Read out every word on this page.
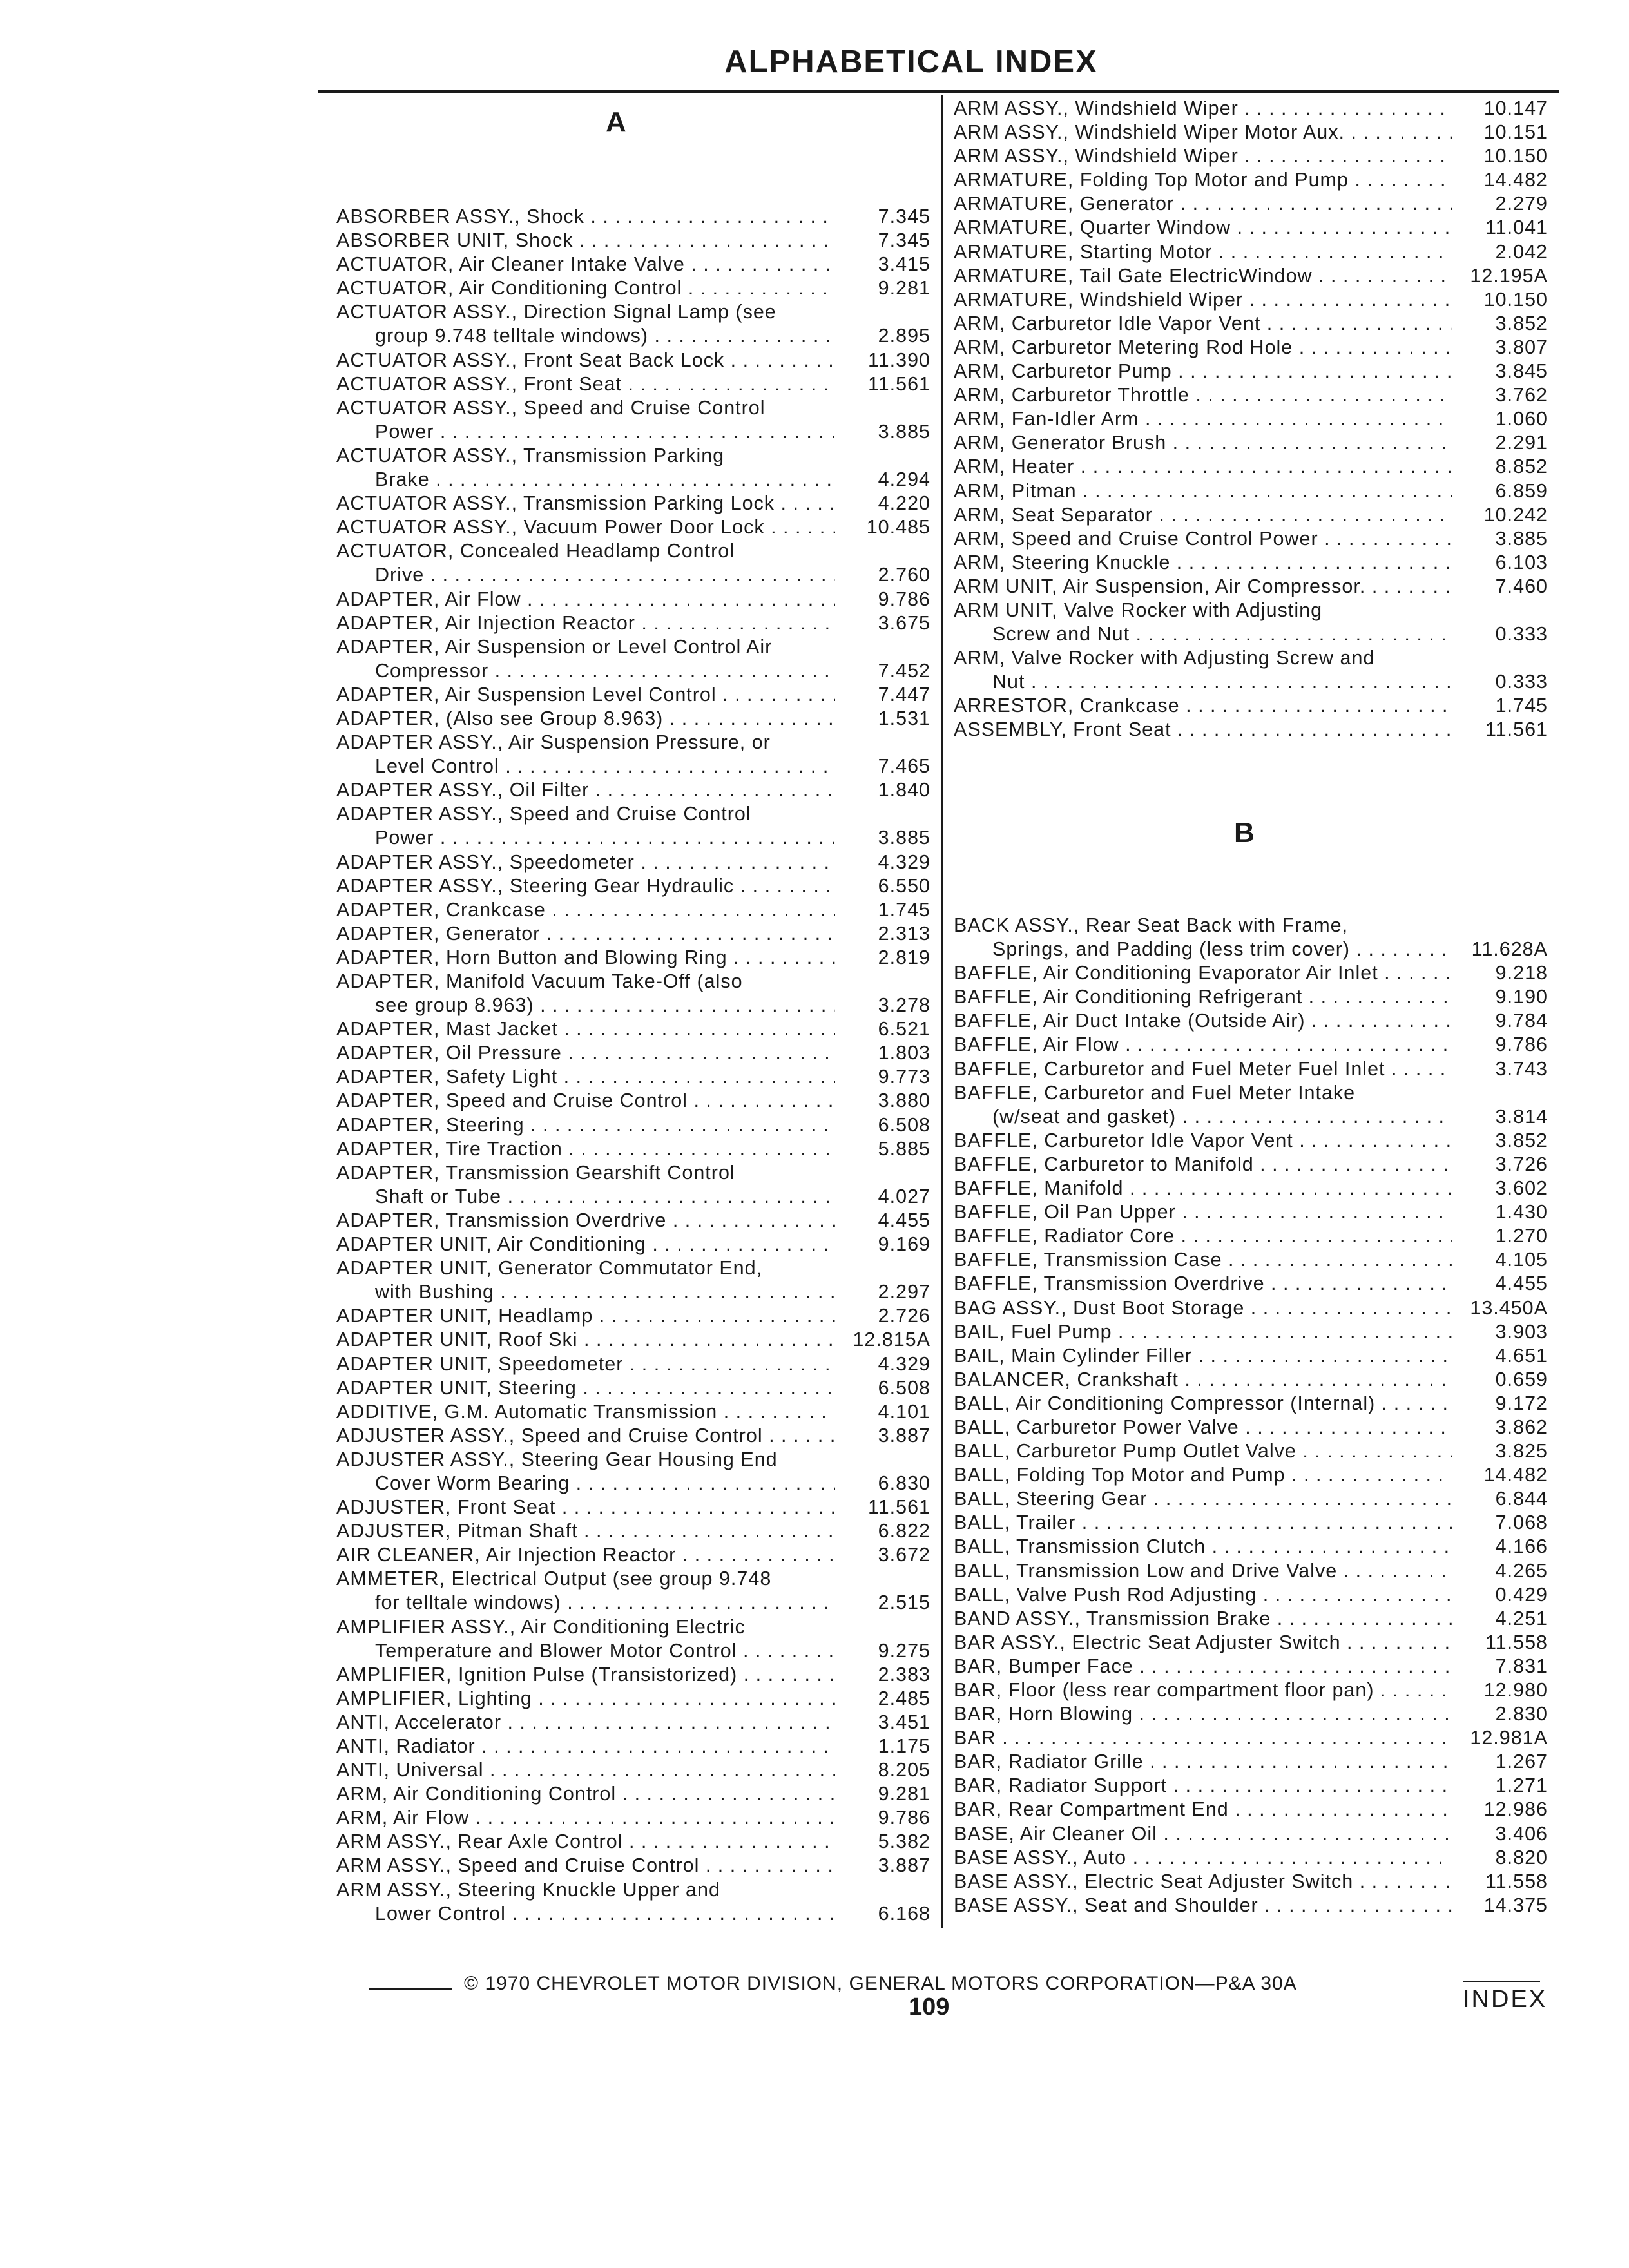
ALPHABETICAL INDEX
A
B
ABSORBER ASSY., Shock . . .	7.345
ABSORBER UNIT, Shock . . .	7.345
ACTUATOR, Air Cleaner Intake Valve . . .	3.415
ACTUATOR, Air Conditioning Control . . .	9.281
ACTUATOR ASSY., Direction Signal Lamp (see
group 9.748 telltale windows) . . .	2.895
ACTUATOR ASSY., Front Seat Back Lock . . .	11.390
ACTUATOR ASSY., Front Seat . . .	11.561
ACTUATOR ASSY., Speed and Cruise Control
Power . . .	3.885
ACTUATOR ASSY., Transmission Parking
Brake . . .	4.294
ACTUATOR ASSY., Transmission Parking Lock . . .	4.220
ACTUATOR ASSY., Vacuum Power Door Lock . . .	10.485
ACTUATOR, Concealed Headlamp Control
Drive . . .	2.760
ADAPTER, Air Flow . . .	9.786
ADAPTER, Air Injection Reactor . . .	3.675
ADAPTER, Air Suspension or Level Control Air
Compressor . . .	7.452
ADAPTER, Air Suspension Level Control . . .	7.447
ADAPTER, (Also see Group 8.963) . . .	1.531
ADAPTER ASSY., Air Suspension Pressure, or
Level Control . . .	7.465
ADAPTER ASSY., Oil Filter . . .	1.840
ADAPTER ASSY., Speed and Cruise Control
Power . . .	3.885
ADAPTER ASSY., Speedometer . . .	4.329
ADAPTER ASSY., Steering Gear Hydraulic . . .	6.550
ADAPTER, Crankcase . . .	1.745
ADAPTER, Generator . . .	2.313
ADAPTER, Horn Button and Blowing Ring . . .	2.819
ADAPTER, Manifold Vacuum Take-Off (also
see group 8.963) . . .	3.278
ADAPTER, Mast Jacket . . .	6.521
ADAPTER, Oil Pressure . . .	1.803
ADAPTER, Safety Light . . .	9.773
ADAPTER, Speed and Cruise Control . . .	3.880
ADAPTER, Steering . . .	6.508
ADAPTER, Tire Traction . . .	5.885
ADAPTER, Transmission Gearshift Control
Shaft or Tube . . .	4.027
ADAPTER, Transmission Overdrive . . .	4.455
ADAPTER UNIT, Air Conditioning . . .	9.169
ADAPTER UNIT, Generator Commutator End,
with Bushing . . .	2.297
ADAPTER UNIT, Headlamp . . .	2.726
ADAPTER UNIT, Roof Ski . . .	12.815A
ADAPTER UNIT, Speedometer . . .	4.329
ADAPTER UNIT, Steering . . .	6.508
ADDITIVE, G.M. Automatic Transmission . . .	4.101
ADJUSTER ASSY., Speed and Cruise Control . . .	3.887
ADJUSTER ASSY., Steering Gear Housing End
Cover Worm Bearing . . .	6.830
ADJUSTER, Front Seat . . .	11.561
ADJUSTER, Pitman Shaft . . .	6.822
AIR CLEANER, Air Injection Reactor . . .	3.672
AMMETER, Electrical Output (see group 9.748
for telltale windows) . . .	2.515
AMPLIFIER ASSY., Air Conditioning Electric
Temperature and Blower Motor Control . . .	9.275
AMPLIFIER, Ignition Pulse (Transistorized) . . .	2.383
AMPLIFIER, Lighting . . .	2.485
ANTI, Accelerator . . .	3.451
ANTI, Radiator . . .	1.175
ANTI, Universal . . .	8.205
ARM, Air Conditioning Control . . .	9.281
ARM, Air Flow . . .	9.786
ARM ASSY., Rear Axle Control . . .	5.382
ARM ASSY., Speed and Cruise Control . . .	3.887
ARM ASSY., Steering Knuckle Upper and
Lower Control . . .	6.168
ARM ASSY., Windshield Wiper . . .	10.147
ARM ASSY., Windshield Wiper Motor Aux. . . .	10.151
ARM ASSY., Windshield Wiper . . .	10.150
ARMATURE, Folding Top Motor and Pump . . .	14.482
ARMATURE, Generator . . .	2.279
ARMATURE, Quarter Window . . .	11.041
ARMATURE, Starting Motor . . .	2.042
ARMATURE, Tail Gate ElectricWindow . . .	12.195A
ARMATURE, Windshield Wiper . . .	10.150
ARM, Carburetor Idle Vapor Vent . . .	3.852
ARM, Carburetor Metering Rod Hole . . .	3.807
ARM, Carburetor Pump . . .	3.845
ARM, Carburetor Throttle . . .	3.762
ARM, Fan-Idler Arm . . .	1.060
ARM, Generator Brush . . .	2.291
ARM, Heater . . .	8.852
ARM, Pitman . . .	6.859
ARM, Seat Separator . . .	10.242
ARM, Speed and Cruise Control Power . . .	3.885
ARM, Steering Knuckle . . .	6.103
ARM UNIT, Air Suspension, Air Compressor. . . .	7.460
ARM UNIT, Valve Rocker with Adjusting
Screw and Nut . . .	0.333
ARM, Valve Rocker with Adjusting Screw and
Nut . . .	0.333
ARRESTOR, Crankcase . . .	1.745
ASSEMBLY, Front Seat . . .	11.561
BACK ASSY., Rear Seat Back with Frame,
Springs, and Padding (less trim cover) . . .	11.628A
BAFFLE, Air Conditioning Evaporator Air Inlet . . .	9.218
BAFFLE, Air Conditioning Refrigerant . . .	9.190
BAFFLE, Air Duct Intake (Outside Air) . . .	9.784
BAFFLE, Air Flow . . .	9.786
BAFFLE, Carburetor and Fuel Meter Fuel Inlet . . .	3.743
BAFFLE, Carburetor and Fuel Meter Intake
(w/seat and gasket) . . .	3.814
BAFFLE, Carburetor Idle Vapor Vent . . .	3.852
BAFFLE, Carburetor to Manifold . . .	3.726
BAFFLE, Manifold . . .	3.602
BAFFLE, Oil Pan Upper . . .	1.430
BAFFLE, Radiator Core . . .	1.270
BAFFLE, Transmission Case . . .	4.105
BAFFLE, Transmission Overdrive . . .	4.455
BAG ASSY., Dust Boot Storage . . .	13.450A
BAIL, Fuel Pump . . .	3.903
BAIL, Main Cylinder Filler . . .	4.651
BALANCER, Crankshaft . . .	0.659
BALL, Air Conditioning Compressor (Internal) . . .	9.172
BALL, Carburetor Power Valve . . .	3.862
BALL, Carburetor Pump Outlet Valve . . .	3.825
BALL, Folding Top Motor and Pump . . .	14.482
BALL, Steering Gear . . .	6.844
BALL, Trailer . . .	7.068
BALL, Transmission Clutch . . .	4.166
BALL, Transmission Low and Drive Valve . . .	4.265
BALL, Valve Push Rod Adjusting . . .	0.429
BAND ASSY., Transmission Brake . . .	4.251
BAR ASSY., Electric Seat Adjuster Switch . . .	11.558
BAR, Bumper Face . . .	7.831
BAR, Floor (less rear compartment floor pan) . . .	12.980
BAR, Horn Blowing . . .	2.830
BAR . . .	12.981A
BAR, Radiator Grille . . .	1.267
BAR, Radiator Support . . .	1.271
BAR, Rear Compartment End . . .	12.986
BASE, Air Cleaner Oil . . .	3.406
BASE ASSY., Auto . . .	8.820
BASE ASSY., Electric Seat Adjuster Switch . . .	11.558
BASE ASSY., Seat and Shoulder . . .	14.375
© 1970 CHEVROLET MOTOR DIVISION, GENERAL MOTORS CORPORATION—P&A 30A
109	INDEX
